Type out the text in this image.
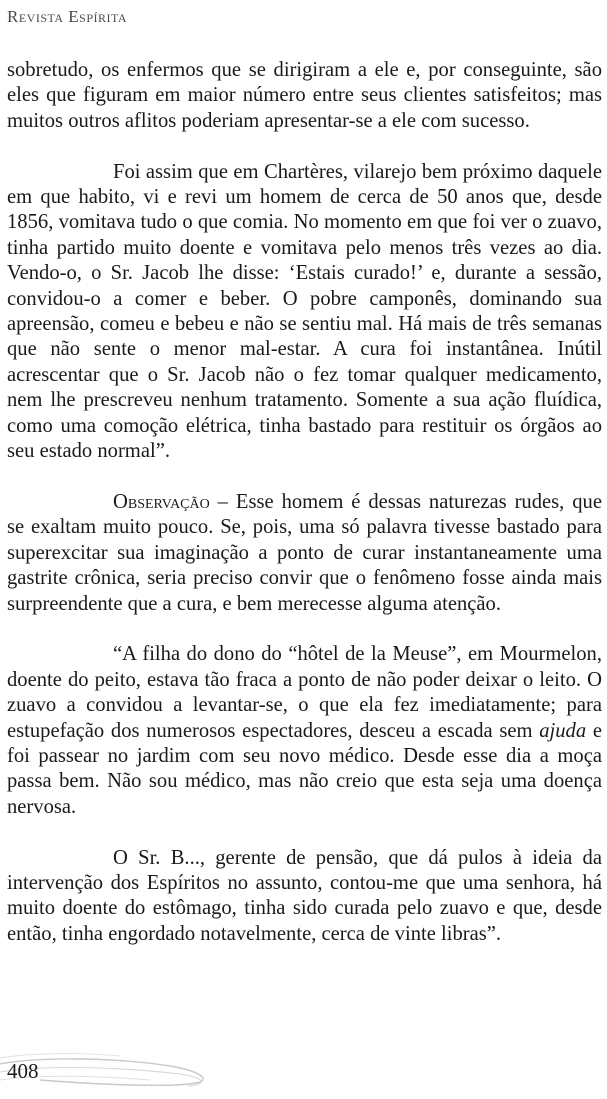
Revista Espírita

sobretudo, os enfermos que se dirigiram a ele e, por conseguinte, são eles que figuram em maior número entre seus clientes satisfeitos; mas muitos outros aflitos poderiam apresentar-se a ele com sucesso.

Foi assim que em Chartères, vilarejo bem próximo daquele em que habito, vi e revi um homem de cerca de 50 anos que, desde 1856, vomitava tudo o que comia. No momento em que foi ver o zuavo, tinha partido muito doente e vomitava pelo menos três vezes ao dia. Vendo-o, o Sr. Jacob lhe disse: ‘Estais curado!’ e, durante a sessão, convidou-o a comer e beber. O pobre camponês, dominando sua apreensão, comeu e bebeu e não se sentiu mal. Há mais de três semanas que não sente o menor mal-estar. A cura foi instantânea. Inútil acrescentar que o Sr. Jacob não o fez tomar qualquer medicamento, nem lhe prescreveu nenhum tratamento. Somente a sua ação fluídica, como uma comoção elétrica, tinha bastado para restituir os órgãos ao seu estado normal”.

Observação – Esse homem é dessas naturezas rudes, que se exaltam muito pouco. Se, pois, uma só palavra tivesse bastado para superexcitar sua imaginação a ponto de curar instantaneamente uma gastrite crônica, seria preciso convir que o fenômeno fosse ainda mais surpreendente que a cura, e bem merecesse alguma atenção.

“A filha do dono do “hôtel de la Meuse”, em Mourmelon, doente do peito, estava tão fraca a ponto de não poder deixar o leito. O zuavo a convidou a levantar-se, o que ela fez imediatamente; para estupefação dos numerosos espectadores, desceu a escada sem ajuda e foi passear no jardim com seu novo médico. Desde esse dia a moça passa bem. Não sou médico, mas não creio que esta seja uma doença nervosa.

O Sr. B..., gerente de pensão, que dá pulos à ideia da intervenção dos Espíritos no assunto, contou-me que uma senhora, há muito doente do estômago, tinha sido curada pelo zuavo e que, desde então, tinha engordado notavelmente, cerca de vinte libras”.

408
